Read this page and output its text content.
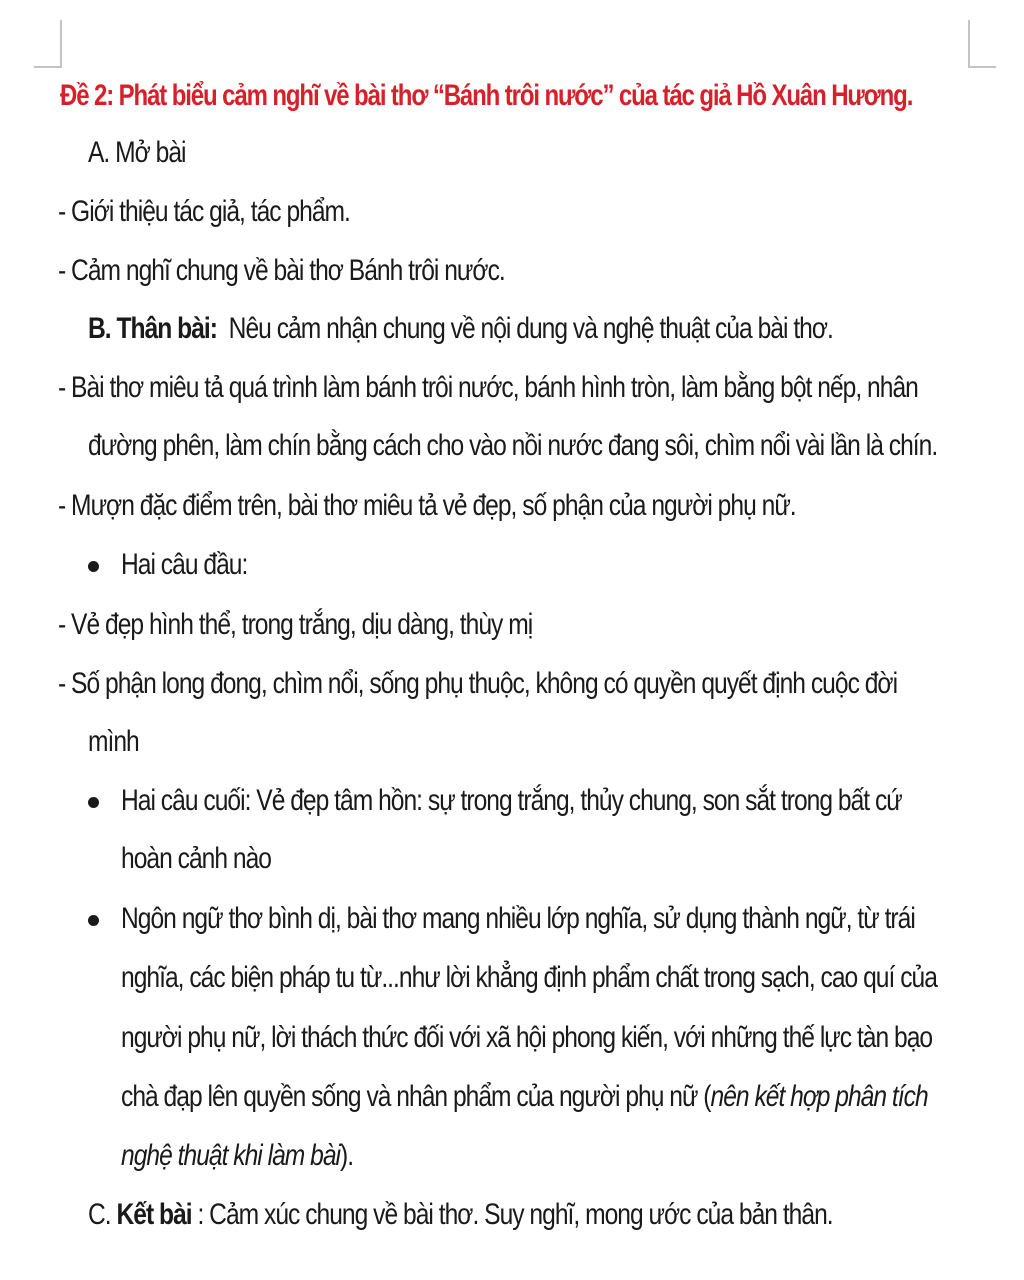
Đề 2: Phát biểu cảm nghĩ về bài thơ “Bánh trôi nước” của tác giả Hồ Xuân Hương.
A. Mở bài
- Giới thiệu tác giả, tác phẩm.
- Cảm nghĩ chung về bài thơ Bánh trôi nước.
B. Thân bài: Nêu cảm nhận chung về nội dung và nghệ thuật của bài thơ.
- Bài thơ miêu tả quá trình làm bánh trôi nước, bánh hình tròn, làm bằng bột nếp, nhân
đường phên, làm chín bằng cách cho vào nồi nước đang sôi, chìm nổi vài lần là chín.
- Mượn đặc điểm trên, bài thơ miêu tả vẻ đẹp, số phận của người phụ nữ.
Hai câu đầu:
- Vẻ đẹp hình thể, trong trắng, dịu dàng, thùy mị
- Số phận long đong, chìm nổi, sống phụ thuộc, không có quyền quyết định cuộc đời
mình
Hai câu cuối: Vẻ đẹp tâm hồn: sự trong trắng, thủy chung, son sắt trong bất cứ
hoàn cảnh nào
Ngôn ngữ thơ bình dị, bài thơ mang nhiều lớp nghĩa, sử dụng thành ngữ, từ trái
nghĩa, các biện pháp tu từ...như lời khẳng định phẩm chất trong sạch, cao quí của
người phụ nữ, lời thách thức đối với xã hội phong kiến, với những thế lực tàn bạo
chà đạp lên quyền sống và nhân phẩm của người phụ nữ (nên kết hợp phân tích
nghệ thuật khi làm bài).
C. Kết bài : Cảm xúc chung về bài thơ. Suy nghĩ, mong ước của bản thân.
